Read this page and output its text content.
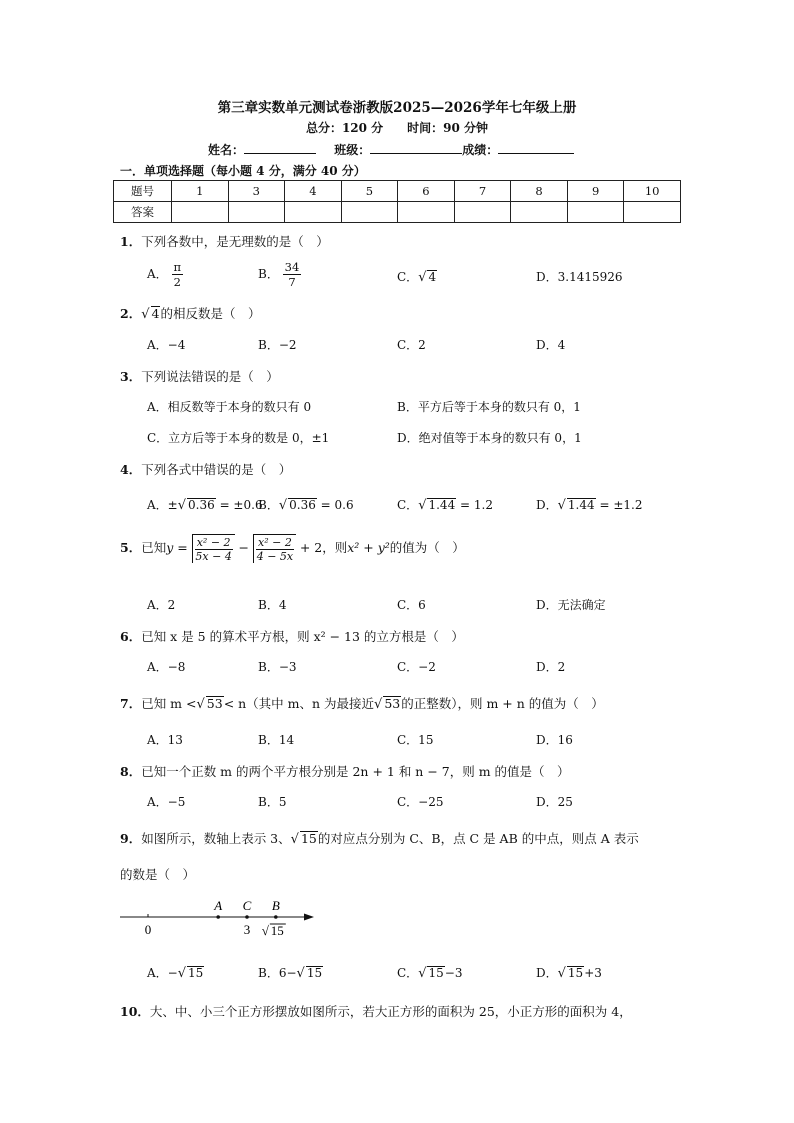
第三章实数单元测试卷浙教版2025—2026学年七年级上册
总分：120 分　　时间：90 分钟
姓名：	班级：	成绩：
一．单项选择题（每小题 4 分，满分 40 分）
题号	1	3	4	5	6	7	8	9	10
答案									
1．下列各数中，是无理数的是（　）
A． $\frac{\pi}{2}$	B． $\frac{34}{7}$	C．√ 4	D．3.1415926
2．√ 4的相反数是（　）
A．−4	B．−2	C．2	D．4
3．下列说法错误的是（　）
A．相反数等于本身的数只有 0	B．平方后等于本身的数只有 0，1
C．立方后等于本身的数是 0，±1	D．绝对值等于本身的数只有 0，1
4．下列各式中错误的是（　）
A．±√ 0.36 = ±0.6
B．√ 0.36 = 0.6	C．√ 1.44 = 1.2	D．√ 1.44 = ±1.2
5．已知$y = \frac{\text{x² − 2}}{5x - 4} - \frac{\text{x² − 2}}{4 - 5x} + 2$，则x² + y²的值为（　）
A．2	B．4	C．6	D．无法确定
6．已知 x 是 5 的算术平方根，则 x² − 13 的立方根是（　）
A．−8	B．−3	C．−2	D．2
7．已知 m <√ 53< n（其中 m、n 为最接近√ 53的正整数），则 m + n 的值为（　）
A．13	B．14	C．15	D．16
8．已知一个正数 m 的两个平方根分别是 2n + 1 和 n − 7，则 m 的值是（　）
A．−5	B．5	C．−25	D．25
9．如图所示，数轴上表示 3、√ 15的对应点分别为 C、B，点 C 是 AB 的中点，则点 A 表示
的数是（　）
A C B
0	3 √ 15
A．−√ 15	B．6−√ 15	C．√ 15−3	D．√ 15+3
10．大、中、小三个正方形摆放如图所示，若大正方形的面积为 25，小正方形的面积为 4，
